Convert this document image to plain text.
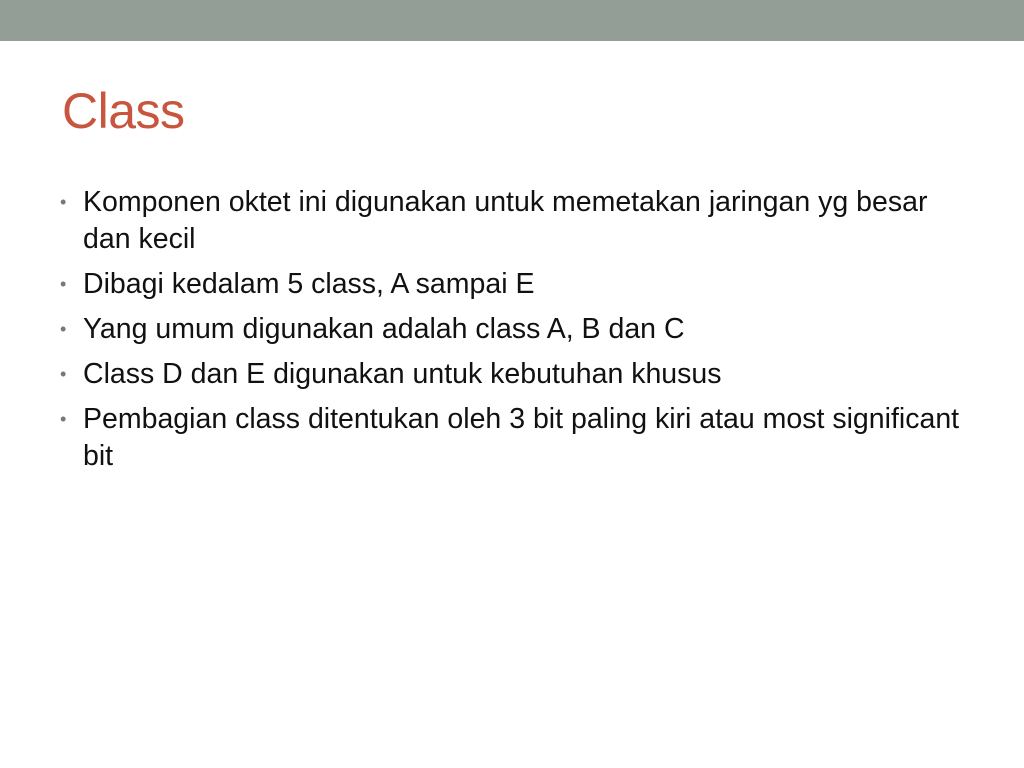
Class
• Komponen oktet ini digunakan untuk memetakan jaringan yg besar dan kecil
• Dibagi kedalam 5 class, A sampai E
• Yang umum digunakan adalah class A, B dan C
• Class D dan E digunakan untuk kebutuhan khusus
• Pembagian class ditentukan oleh 3 bit paling kiri atau most significant bit
